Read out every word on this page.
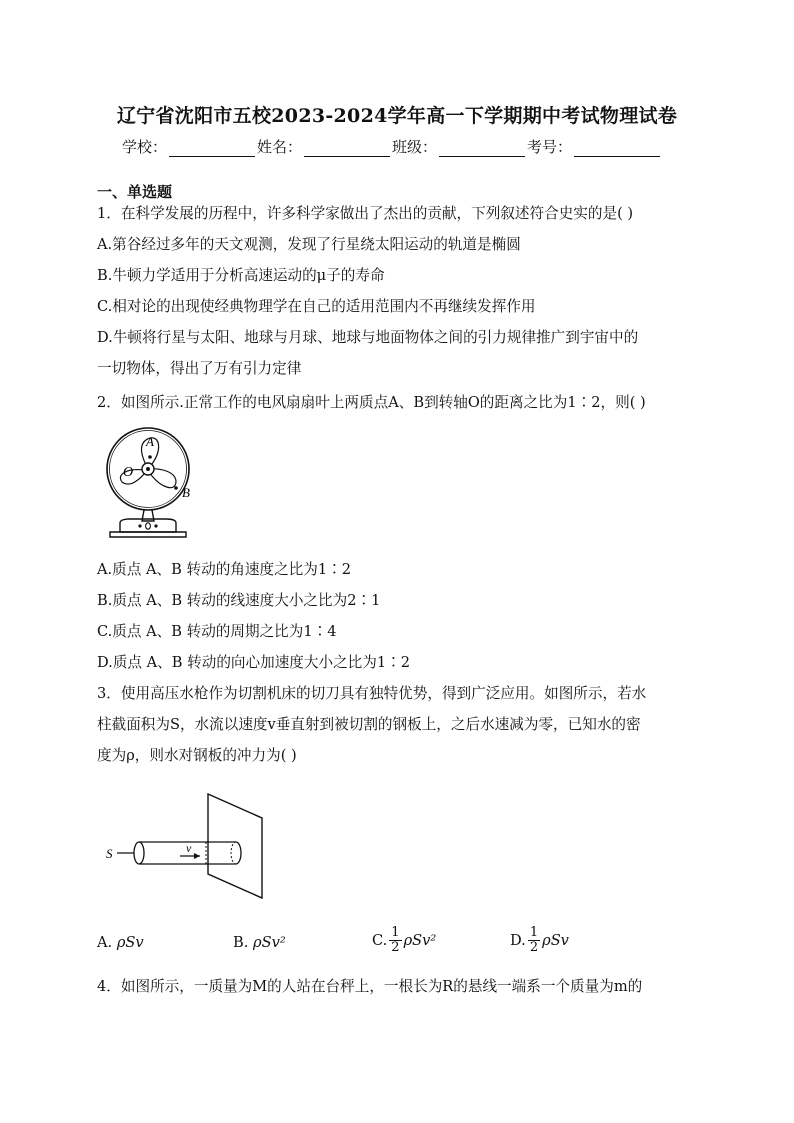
辽宁省沈阳市五校2023-2024学年高一下学期期中考试物理试卷
学校：	姓名：	班级：	考号：
一、单选题
1．在科学发展的历程中，许多科学家做出了杰出的贡献，下列叙述符合史实的是( )
A.第谷经过多年的天文观测，发现了行星绕太阳运动的轨道是椭圆
B.牛顿力学适用于分析高速运动的μ子的寿命
C.相对论的出现使经典物理学在自己的适用范围内不再继续发挥作用
D.牛顿将行星与太阳、地球与月球、地球与地面物体之间的引力规律推广到宇宙中的
一切物体，得出了万有引力定律
2．如图所示.正常工作的电风扇扇叶上两质点A、B到转轴O的距离之比为1∶2，则( )
A
O
B
A.质点 A、B 转动的角速度之比为1∶2
B.质点 A、B 转动的线速度大小之比为2∶1
C.质点 A、B 转动的周期之比为1∶4
D.质点 A、B 转动的向心加速度大小之比为1∶2
3．使用高压水枪作为切割机床的切刀具有独特优势，得到广泛应用。如图所示，若水
柱截面积为S，水流以速度v垂直射到被切割的钢板上，之后水速减为零，已知水的密
度为ρ，则水对钢板的冲力为( )
S	v
A. ρSv	B. ρSv²	C. $\frac{1}{2} \rho Sv^2$	D. $\frac{1}{2}$ ρSv
4．如图所示，一质量为M的人站在台秤上，一根长为R的悬线一端系一个质量为m的
